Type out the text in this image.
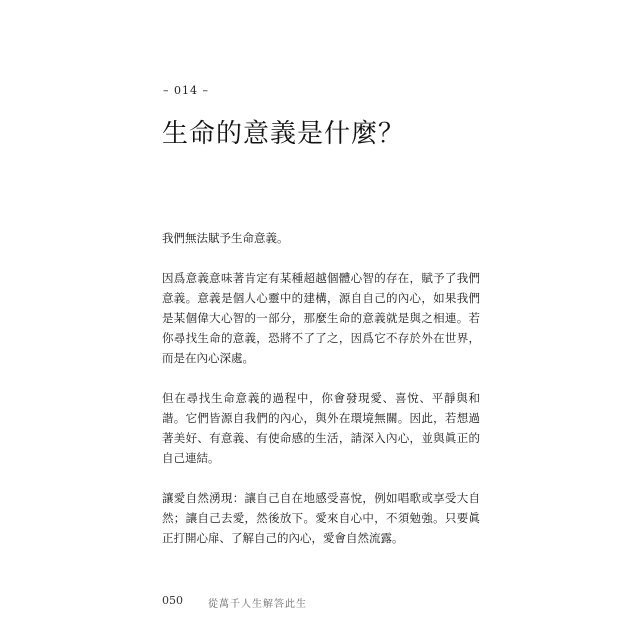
– 014 –
生命的意義是什麼？

我們無法賦予生命意義。

因爲意義意味著肯定有某種超越個體心智的存在，賦予了我們意義。意義是個人心靈中的建構，源自自己的內心，如果我們是某個偉大心智的一部分，那麼生命的意義就是與之相連。若你尋找生命的意義，恐將不了了之，因爲它不存於外在世界，而是在內心深處。

但在尋找生命意義的過程中，你會發現愛、喜悅、平靜與和諧。它們皆源自我們的內心，與外在環境無關。因此，若想過著美好、有意義、有使命感的生活，請深入內心，並與眞正的自己連結。

讓愛自然湧現：讓自己自在地感受喜悅，例如唱歌或享受大自然；讓自己去愛，然後放下。愛來自心中，不須勉強。只要眞正打開心扉、了解自己的內心，愛會自然流露。

050	從萬千人生解答此生
